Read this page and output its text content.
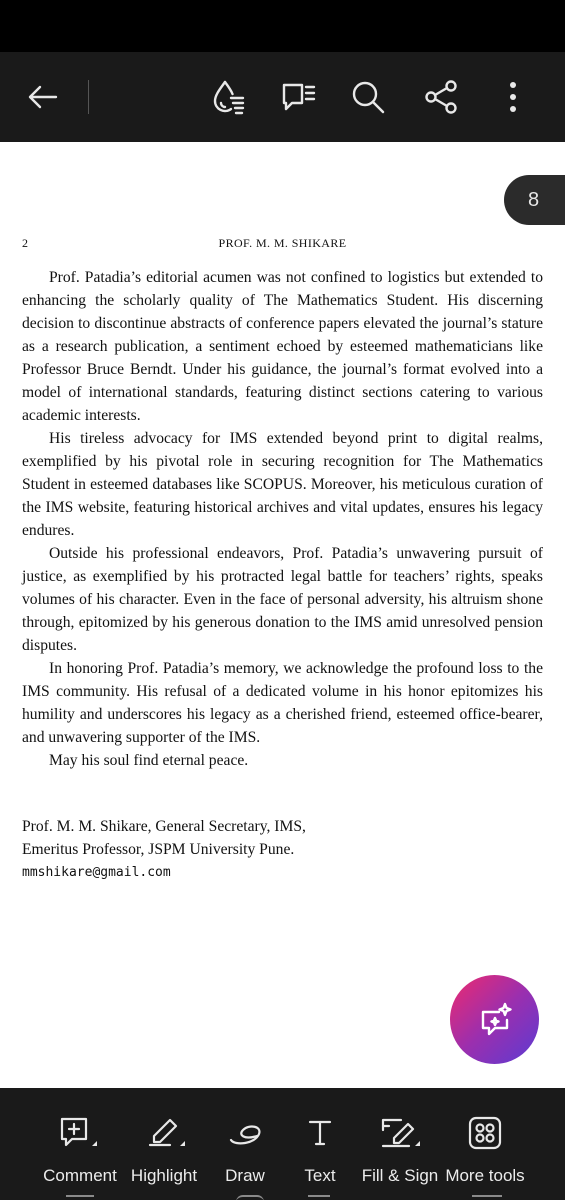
8
2	PROF. M. M. SHIKARE

Prof. Patadia’s editorial acumen was not confined to logistics but extended to enhancing the scholarly quality of The Mathematics Student. His discerning decision to discontinue abstracts of conference papers elevated the journal’s stature as a research publication, a sentiment echoed by esteemed mathematicians like Professor Bruce Berndt. Under his guidance, the journal’s format evolved into a model of international standards, featuring distinct sections catering to various academic interests.

His tireless advocacy for IMS extended beyond print to digital realms, exemplified by his pivotal role in securing recognition for The Mathematics Student in esteemed databases like SCOPUS. Moreover, his meticulous curation of the IMS website, featuring historical archives and vital updates, ensures his legacy endures.

Outside his professional endeavors, Prof. Patadia’s unwavering pursuit of justice, as exemplified by his protracted legal battle for teachers’ rights, speaks volumes of his character. Even in the face of personal adversity, his altruism shone through, epitomized by his generous donation to the IMS amid unresolved pension disputes.

In honoring Prof. Patadia’s memory, we acknowledge the profound loss to the IMS community. His refusal of a dedicated volume in his honor epitomizes his humility and underscores his legacy as a cherished friend, esteemed office-bearer, and unwavering supporter of the IMS.

May his soul find eternal peace.

Prof. M. M. Shikare, General Secretary, IMS,
Emeritus Professor, JSPM University Pune.
mmshikare@gmail.com
Comment Highlight	Draw	Text	Fill & Sign More tools
